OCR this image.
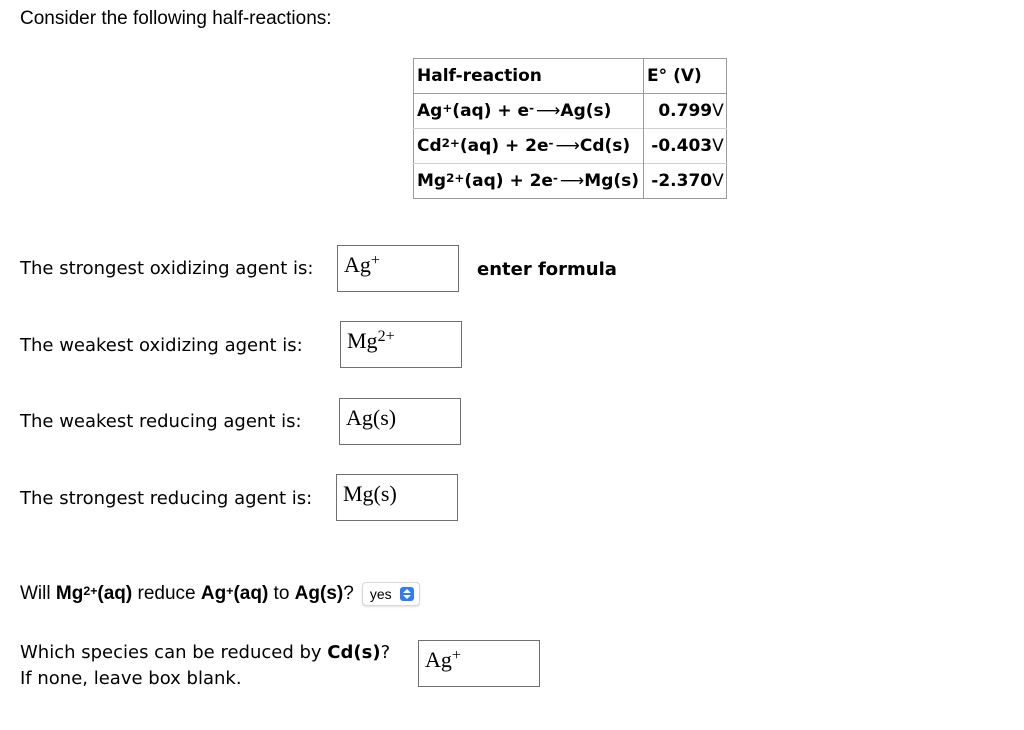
Consider the following half-reactions:
Half-reaction	E° (V)
Ag+(aq) + e- ⟶ Ag(s)	0.799V
$Cd^{2+}(aq) + 2e^-$ ⟶ Cd(s)	-0.403V
$Mg^{2+}(aq) + 2e^-$ ⟶ Mg(s)	-2.370V
The strongest oxidizing agent is:	Ag+	enter formula
The weakest oxidizing agent is:	$Mg^{2+}$
The weakest reducing agent is:	Ag(s)
The strongest reducing agent is:	Mg(s)
Will $Mg^{2+}(aq)$ reduce Ag+(aq) to Ag(s) ? yes
Which species can be reduced by Cd(s)?
If none, leave box blank.
Ag+
